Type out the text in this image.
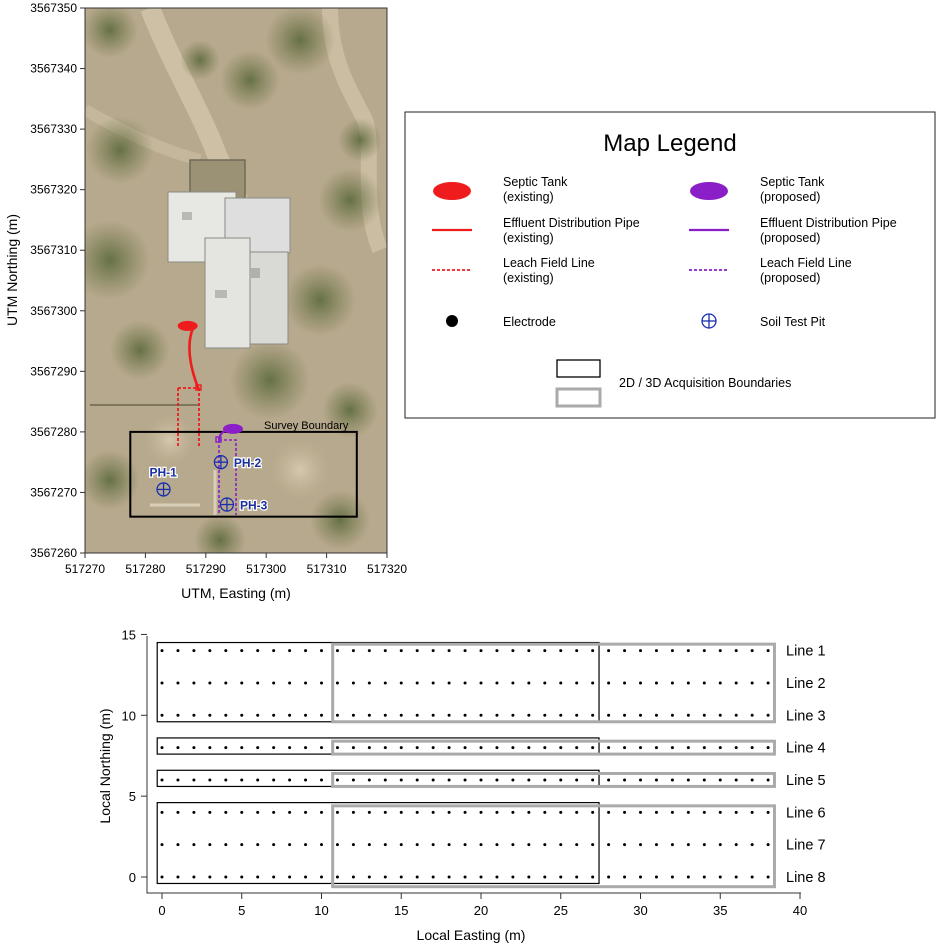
3567260
3567270
3567280
3567290
3567300
3567310
3567320
3567330
3567340
3567350
517270 517280 517290 517300 517310 517320
UTM Northing (m)
UTM, Easting (m)
Survey Boundary
PH-1
PH-2
PH-3
Map Legend
Septic Tank (existing)
Effluent Distribution Pipe (existing)
Leach Field Line (existing)
Electrode
Septic Tank (proposed)
Effluent Distribution Pipe (proposed)
Leach Field Line (proposed)
Soil Test Pit
2D / 3D Acquisition Boundaries
Line 1
Line 2
Line 3
Line 4
Line 5
Line 6
Line 7
Line 8
0	5	10	15	20	25	30	35	40
0
5
10
15
Local Easting (m)
Local Northing (m)
